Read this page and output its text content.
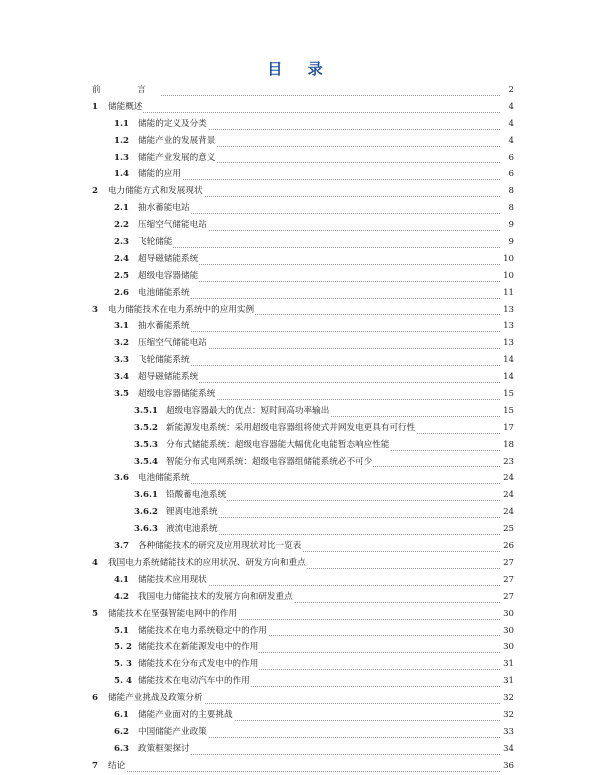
目 录
前　言	2
1 储能概述	4
1.1 储能的定义及分类	4
1.2 储能产业的发展背景	4
1.3 储能产业发展的意义	6
1.4 储能的应用	6
2 电力储能方式和发展现状	8
2.1 抽水蓄能电站	8
2.2 压缩空气储能电站	9
2.3 飞轮储能	9
2.4 超导磁储能系统	10
2.5 超级电容器储能	10
2.6 电池储能系统	11
3 电力储能技术在电力系统中的应用实例	13
3.1 抽水蓄能系统	13
3.2 压缩空气储能电站	13
3.3 飞轮储能系统	14
3.4 超导磁储能系统	14
3.5 超级电容器储能系统	15
3.5.1 超级电容器最大的优点：短时间高功率输出	15
3.5.2 新能源发电系统：采用超级电容器组将使式并网发电更具有可行性	17
3.5.3 分布式储能系统：超级电容器能大幅优化电能暂态响应性能	18
3.5.4 智能分布式电网系统：超级电容器组储能系统必不可少	23
3.6 电池储能系统	24
3.6.1 铅酸蓄电池系统	24
3.6.2 锂离电池系统	24
3.6.3 液流电池系统	25
3.7 各种储能技术的研究及应用现状对比一览表	26
4 我国电力系统储能技术的应用状况、研发方向和重点	27
4.1 储能技术应用现状	27
4.2 我国电力储能技术的发展方向和研发重点	27
5 储能技术在坚强智能电网中的作用	30
5.1 储能技术在电力系统稳定中的作用	30
5. 2 储能技术在新能源发电中的作用	30
5. 3 储能技术在分布式发电中的作用	31
5. 4 储能技术在电动汽车中的作用	31
6 储能产业挑战及政策分析	32
6.1 储能产业面对的主要挑战	32
6.2 中国储能产业政策	33
6.3 政策框架探讨	34
7 结论	36
